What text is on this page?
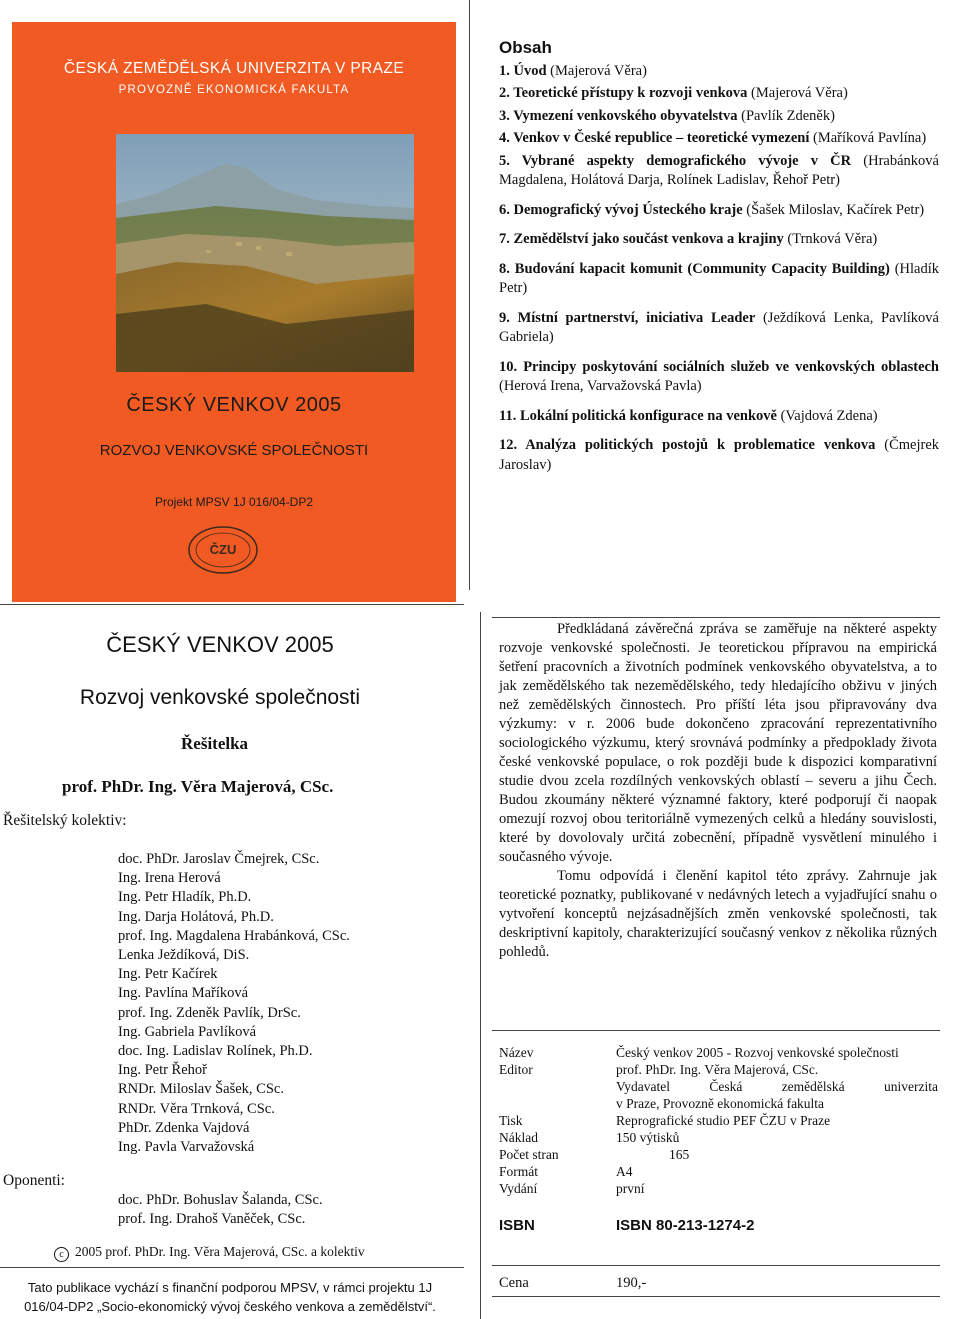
ČESKÁ ZEMĚDĚLSKÁ UNIVERZITA V PRAZE
PROVOZNĚ EKONOMICKÁ FAKULTA
ČESKÝ VENKOV 2005
ROZVOJ VENKOVSKÉ SPOLEČNOSTI
Projekt MPSV 1J 016/04-DP2
ČZU
Obsah
1. Úvod (Majerová Věra)
2. Teoretické přístupy k rozvoji venkova (Majerová Věra)
3. Vymezení venkovského obyvatelstva (Pavlík Zdeněk)
4. Venkov v České republice – teoretické vymezení (Maříková Pavlína)
5. Vybrané aspekty demografického vývoje v ČR (Hrabánková Magdalena, Holátová Darja, Rolínek Ladislav, Řehoř Petr)
6. Demografický vývoj Ústeckého kraje (Šašek Miloslav, Kačírek Petr)
7. Zemědělství jako součást venkova a krajiny (Trnková Věra)
8. Budování kapacit komunit (Community Capacity Building) (Hladík Petr)
9. Místní partnerství, iniciativa Leader (Ježdíková Lenka, Pavlíková Gabriela)
10. Principy poskytování sociálních služeb ve venkovských oblastech (Herová Irena, Varvažovská Pavla)
11. Lokální politická konfigurace na venkově (Vajdová Zdena)
12. Analýza politických postojů k problematice venkova (Čmejrek Jaroslav)
ČESKÝ VENKOV 2005
Rozvoj venkovské společnosti
Řešitelka
prof. PhDr. Ing. Věra Majerová, CSc.
Řešitelský kolektiv:
doc. PhDr. Jaroslav Čmejrek, CSc.
Ing. Irena Herová
Ing. Petr Hladík, Ph.D.
Ing. Darja Holátová, Ph.D.
prof. Ing. Magdalena Hrabánková, CSc.
Lenka Ježdíková, DiS.
Ing. Petr Kačírek
Ing. Pavlína Maříková
prof. Ing. Zdeněk Pavlík, DrSc.
Ing. Gabriela Pavlíková
doc. Ing. Ladislav Rolínek, Ph.D.
Ing. Petr Řehoř
RNDr. Miloslav Šašek, CSc.
RNDr. Věra Trnková, CSc.
PhDr. Zdenka Vajdová
Ing. Pavla Varvažovská
Oponenti:
doc. PhDr. Bohuslav Šalanda, CSc.
prof. Ing. Drahoš Vaněček, CSc.
c 2005 prof. PhDr. Ing. Věra Majerová, CSc. a kolektiv
Tato publikace vychází s finanční podporou MPSV, v rámci projektu 1J
016/04-DP2 „Socio-ekonomický vývoj českého venkova a zemědělství“.

Předkládaná závěrečná zpráva se zaměřuje na některé aspekty rozvoje venkovské společnosti. Je teoretickou přípravou na empirická šetření pracovních a životních podmínek venkovského obyvatelstva, a to jak zemědělského tak nezemědělského, tedy hledajícího obživu v jiných než zemědělských činnostech. Pro příští léta jsou připravovány dva výzkumy: v r. 2006 bude dokončeno zpracování reprezentativního sociologického výzkumu, který srovnává podmínky a předpoklady života české venkovské populace, o rok později bude k dispozici komparativní studie dvou zcela rozdílných venkovských oblastí – severu a jihu Čech. Budou zkoumány některé významné faktory, které podporují či naopak omezují rozvoj obou teritoriálně vymezených celků a hledány souvislosti, které by dovolovaly určitá zobecnění, případně vysvětlení minulého i současného vývoje.

Tomu odpovídá i členění kapitol této zprávy. Zahrnuje jak teoretické poznatky, publikované v nedávných letech a vyjadřující snahu o vytvoření konceptů nejzásadnějších změn venkovské společnosti, tak deskriptivní kapitoly, charakterizující současný venkov z několika různých pohledů.

Název	Český venkov 2005 - Rozvoj venkovské společnosti
Editor	prof. PhDr. Ing. Věra Majerová, CSc.
Vydavatel Česká zemědělská univerzita
v Praze, Provozně ekonomická fakulta
Tisk	Reprografické studio PEF ČZU v Praze
Náklad	150 výtisků
Počet stran	165
Formát	A4
Vydání	první
ISBN	ISBN 80-213-1274-2
Cena	190,-
